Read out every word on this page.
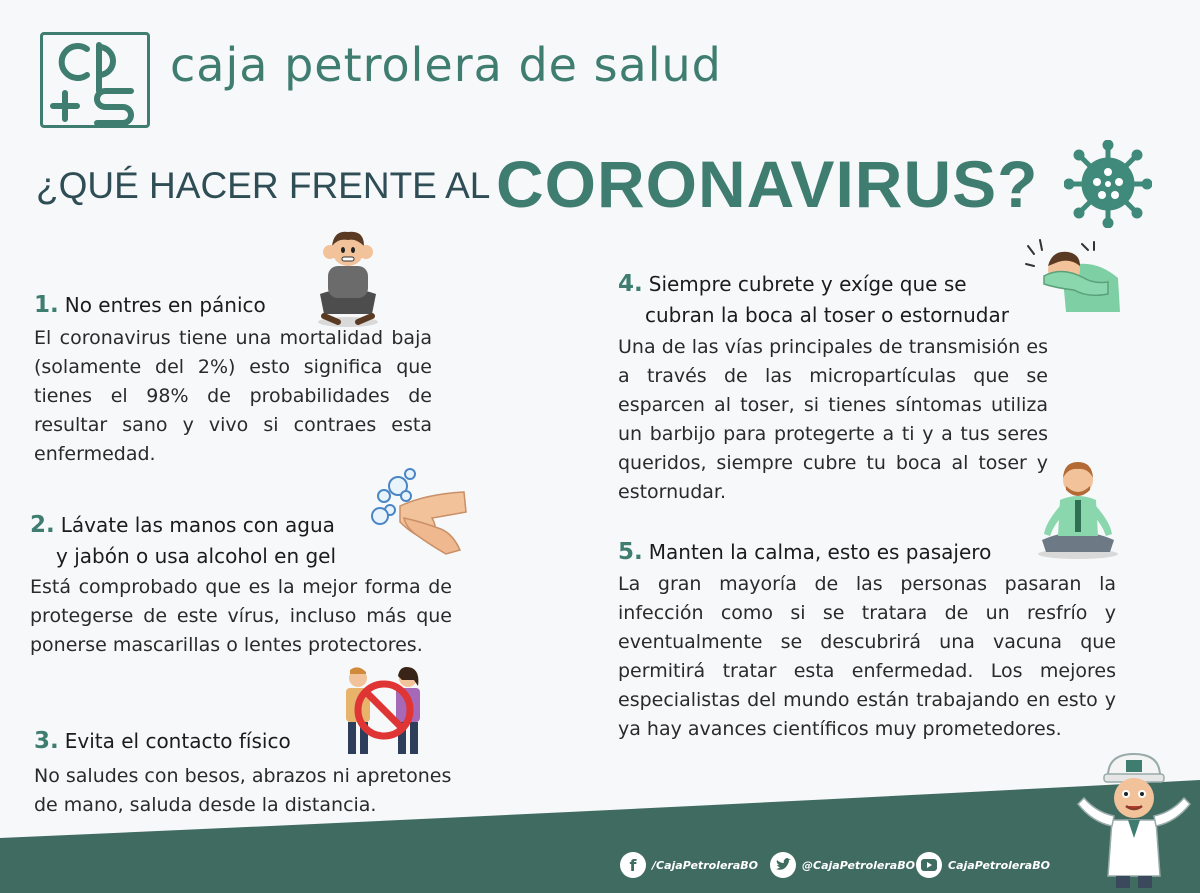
caja petrolera de salud
¿QUÉ HACER FRENTE AL CORONAVIRUS?
1. No entres en pánico
El coronavirus tiene una mortalidad baja (solamente del 2%) esto significa que tienes el 98% de probabilidades de resultar sano y vivo si contraes esta enfermedad.
2. Lávate las manos con agua
y jabón o usa alcohol en gel
Está comprobado que es la mejor forma de protegerse de este vírus, incluso más que ponerse mascarillas o lentes protectores.
3. Evita el contacto físico
No saludes con besos, abrazos ni apretones de mano, saluda desde la distancia.
4. Siempre cubrete y exíge que se
cubran la boca al toser o estornudar
Una de las vías principales de transmisión es a través de las micropartículas que se esparcen al toser, si tienes síntomas utiliza un barbijo para protegerte a ti y a tus seres queridos, siempre cubre tu boca al toser y estornudar.
5. Manten la calma, esto es pasajero
La gran mayoría de las personas pasaran la infección como si se tratara de un resfrío y eventualmente se descubrirá una vacuna que permitirá tratar esta enfermedad. Los mejores especialistas del mundo están trabajando en esto y ya hay avances científicos muy prometedores.
f	/CajaPetroleraBO	@CajaPetroleraBO	CajaPetroleraBO
